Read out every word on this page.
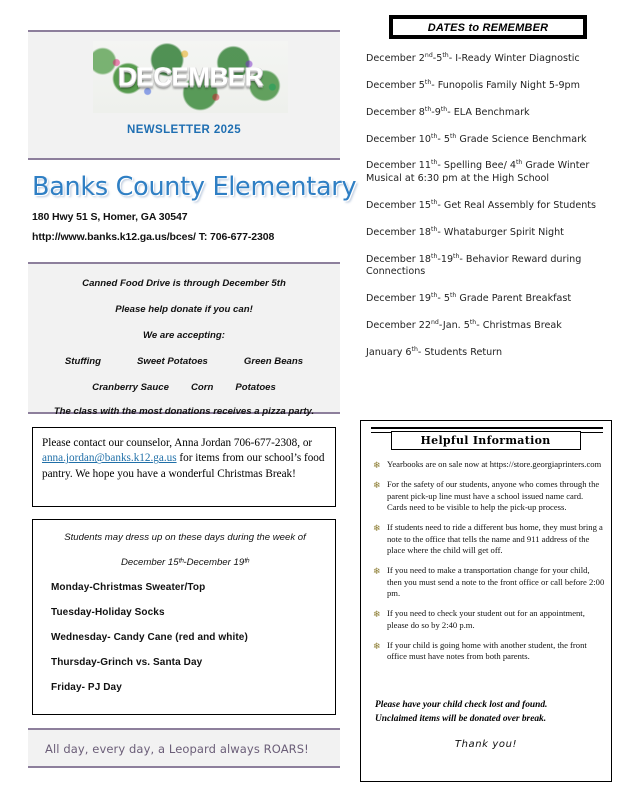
DECEMBER
NEWSLETTER 2025
Banks County Elementary
180 Hwy 51 S, Homer, GA 30547
http://www.banks.k12.ga.us/bces/ T: 706-677-2308
Canned Food Drive is through December 5th
Please help donate if you can!
We are accepting:
Stuffing	Sweet Potatoes	Green Beans
Cranberry Sauce Corn Potatoes
The class with the most donations receives a pizza party.
Please contact our counselor, Anna Jordan 706-677-2308, or anna.jordan@banks.k12.ga.us for items from our school’s food pantry. We hope you have a wonderful Christmas Break!
Students may dress up on these days during the week of
December 15ᵗʰ-December 19ᵗʰ
Monday-Christmas Sweater/Top
Tuesday-Holiday Socks
Wednesday- Candy Cane (red and white)
Thursday-Grinch vs. Santa Day
Friday- PJ Day
All day, every day, a Leopard always ROARS!
DATES to REMEMBER
December 2nd-5th- I-Ready Winter Diagnostic
December 5th- Funopolis Family Night 5-9pm
December 8th-9th- ELA Benchmark
December 10th- 5th Grade Science Benchmark
December 11th- Spelling Bee/ 4th Grade Winter Musical at 6:30 pm at the High School
December 15th- Get Real Assembly for Students
December 18th- Whataburger Spirit Night
December 18th-19th- Behavior Reward during Connections
December 19th- 5th Grade Parent Breakfast
December 22nd-Jan. 5th- Christmas Break
January 6th- Students Return
Helpful Information
❄ Yearbooks are on sale now at https://store.georgiaprinters.com
❄ For the safety of our students, anyone who comes through the parent pick-up line must have a school issued name card. Cards need to be visible to help the pick-up process.
❄ If students need to ride a different bus home, they must bring a note to the office that tells the name and 911 address of the place where the child will get off.
❄ If you need to make a transportation change for your child, then you must send a note to the front office or call before 2:00 pm.
❄ If you need to check your student out for an appointment, please do so by 2:40 p.m.
❄ If your child is going home with another student, the front office must have notes from both parents.
Please have your child check lost and found.
Unclaimed items will be donated over break.
Thank you!
